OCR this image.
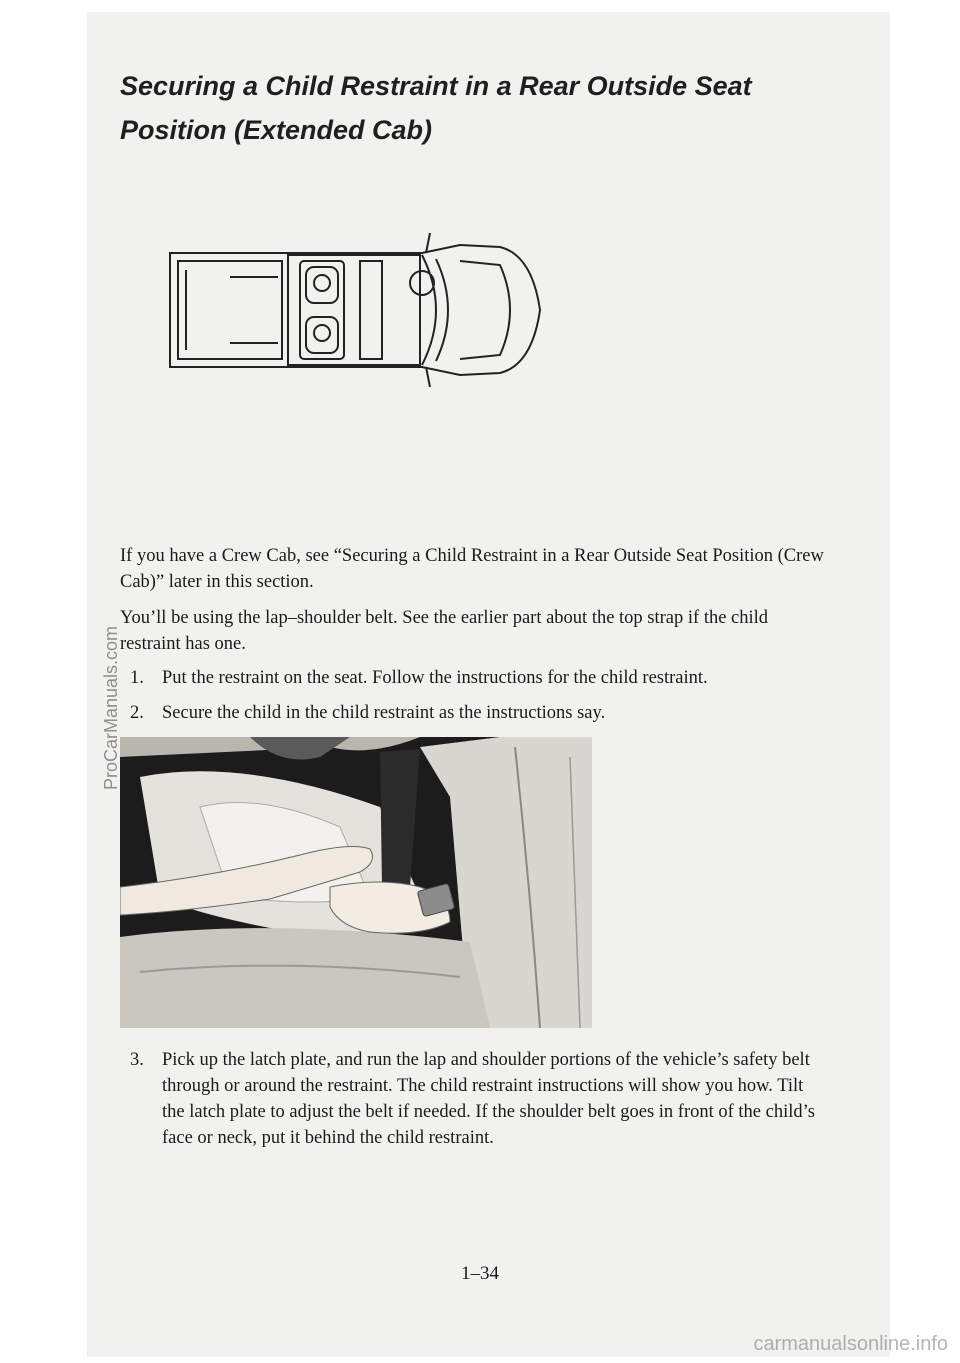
Securing a Child Restraint in a Rear Outside Seat Position (Extended Cab)

If you have a Crew Cab, see “Securing a Child Restraint in a Rear Outside Seat Position (Crew Cab)” later in this section.

You’ll be using the lap–shoulder belt. See the earlier part about the top strap if the child restraint has one.

1. Put the restraint on the seat. Follow the instructions for the child restraint.
2. Secure the child in the child restraint as the instructions say.
3. Pick up the latch plate, and run the lap and shoulder portions of the vehicle’s safety belt through or around the restraint. The child restraint instructions will show you how. Tilt the latch plate to adjust the belt if needed. If the shoulder belt goes in front of the child’s face or neck, put it behind the child restraint.
1–34
ProCarManuals.com
carmanualsonline.info
